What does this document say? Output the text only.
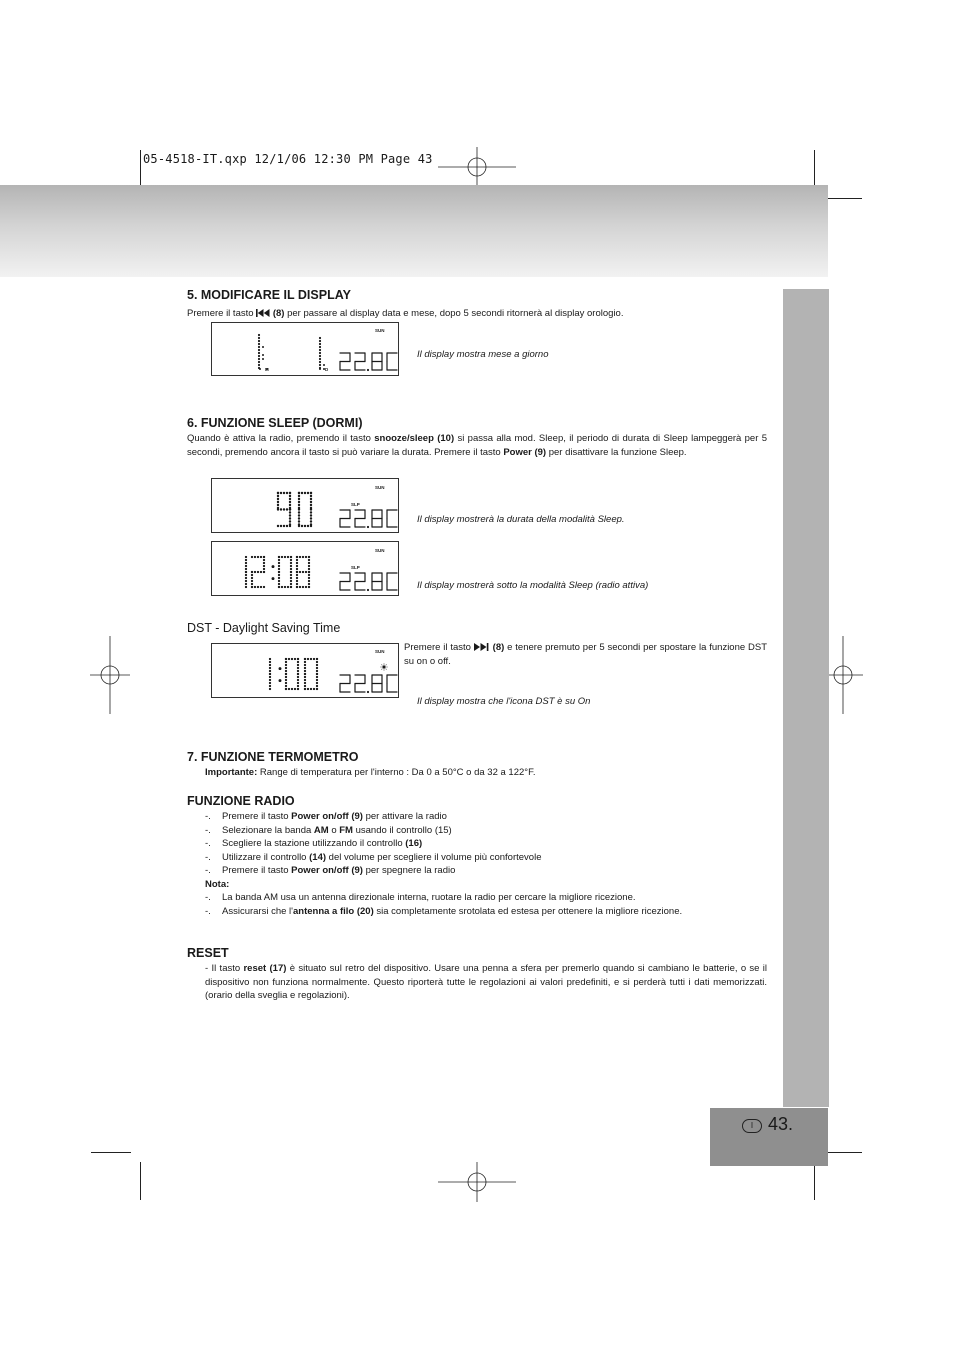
05-4518-IT.qxp 12/1/06 12:30 PM Page 43
I 43.
5. MODIFICARE IL DISPLAY
Premere il tasto (8) per passare al display data e mese, dopo 5 secondi ritornerà al display orologio.
SUN
M	D
Il display mostra mese a giorno
6. FUNZIONE SLEEP (DORMI)
Quando è attiva la radio, premendo il tasto snooze/sleep (10) si passa alla mod. Sleep, il periodo di durata di Sleep lampeggerà per 5 secondi, premendo ancora il tasto si può variare la durata. Premere il tasto Power (9) per disattivare la funzione Sleep.
SUN
SLP
Il display mostrerà la durata della modalità Sleep.
SUN
SLP
Il display mostrerà sotto la modalità Sleep (radio attiva)
DST - Daylight Saving Time
Premere il tasto (8) e tenere premuto per 5 secondi per spostare la funzione DST su on o off.
SUN
Il display mostra che l'icona DST è su On
7. FUNZIONE TERMOMETRO
Importante: Range di temperatura per l'interno : Da 0 a 50°C o da 32 a 122°F.
FUNZIONE RADIO
-. Premere il tasto Power on/off (9) per attivare la radio
-. Selezionare la banda AM o FM usando il controllo (15)
-. Scegliere la stazione utilizzando il controllo (16)
-. Utilizzare il controllo (14) del volume per scegliere il volume più confortevole
-. Premere il tasto Power on/off (9) per spegnere la radio
Nota:
-. La banda AM usa un antenna direzionale interna, ruotare la radio per cercare la migliore ricezione.
-. Assicurarsi che l'antenna a filo (20) sia completamente srotolata ed estesa per ottenere la migliore ricezione.
RESET
- Il tasto reset (17) è situato sul retro del dispositivo. Usare una penna a sfera per premerlo quando si cambiano le batterie, o se il dispositivo non funziona normalmente. Questo riporterà tutte le regolazioni ai valori predefiniti, e si perderà tutti i dati memorizzati.(orario della sveglia e regolazioni).
